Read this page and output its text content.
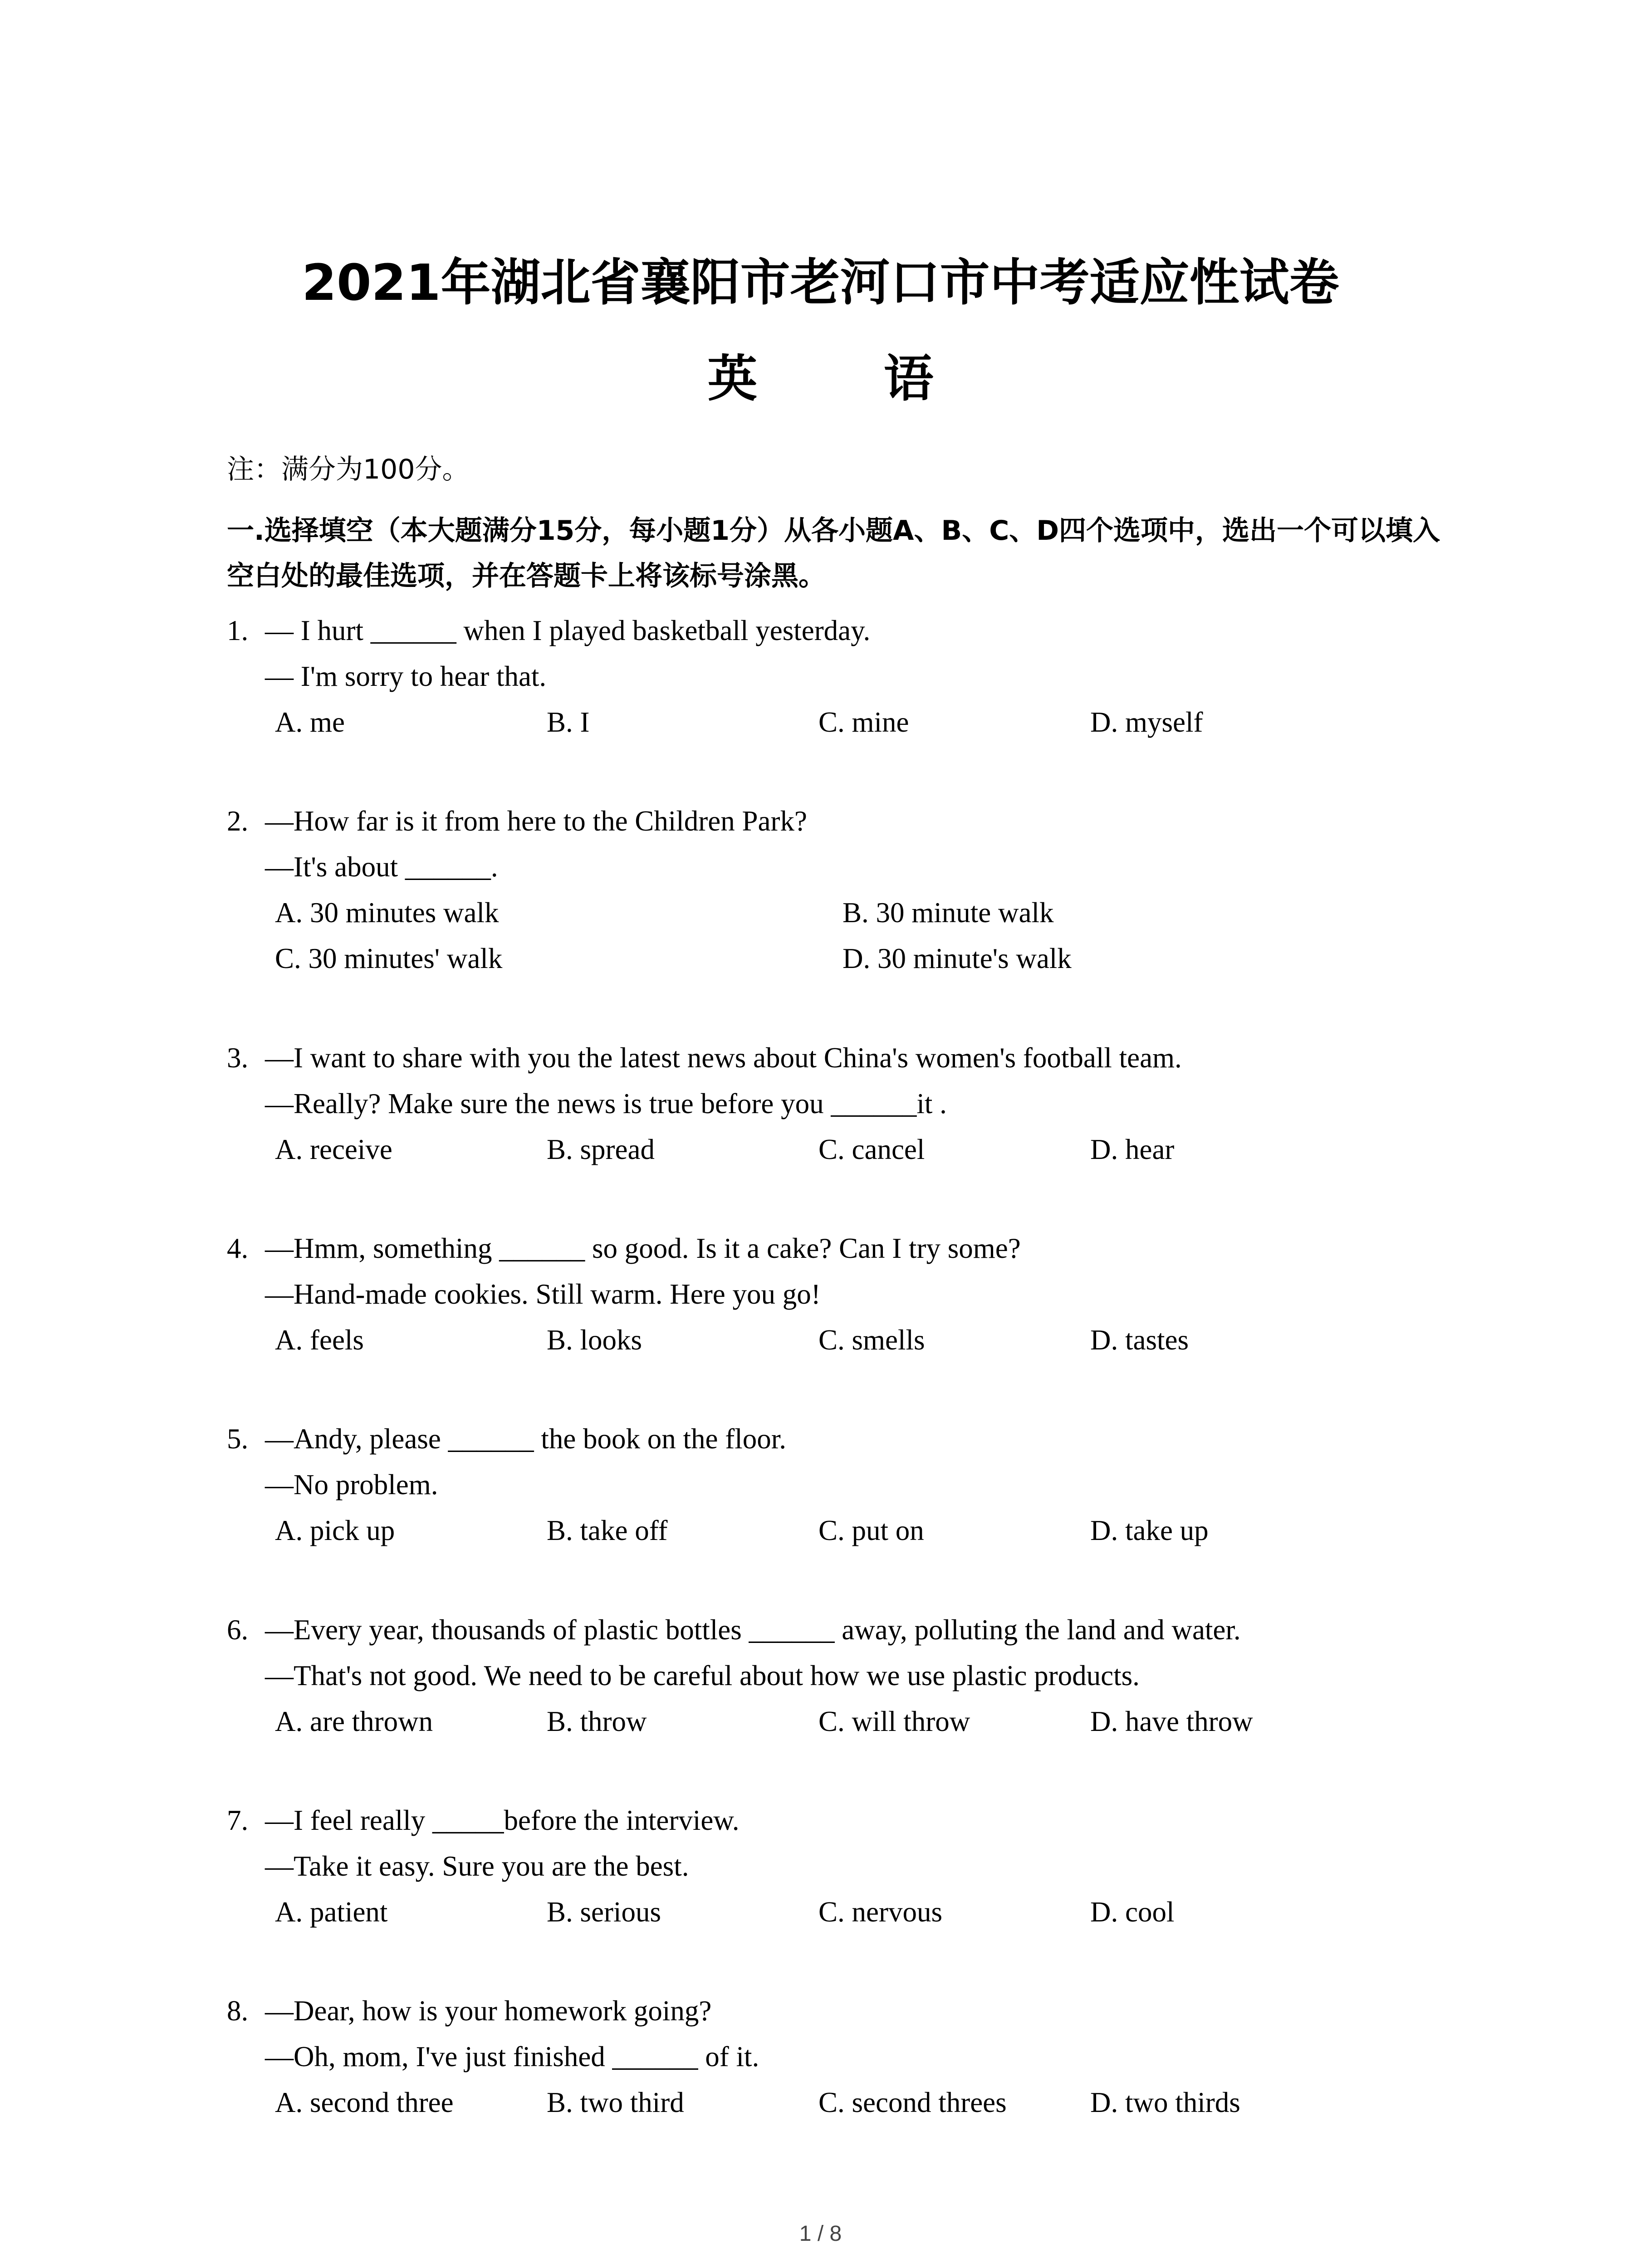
2021年湖北省襄阳市老河口市中考适应性试卷
英 语
注：满分为100分。
一.选择填空（本大题满分15分，每小题1分）从各小题A、B、C、D四个选项中，选出一个可以填入空白处的最佳选项，并在答题卡上将该标号涂黑。
1. — I hurt ______ when I played basketball yesterday.
— I'm sorry to hear that.
A. me	B. I	C. mine	D. myself
2. —How far is it from here to the Children Park?
—It's about ______.
A. 30 minutes walk	B. 30 minute walk
C. 30 minutes' walk	D. 30 minute's walk
3. —I want to share with you the latest news about China's women's football team.
—Really? Make sure the news is true before you ______it .
A. receive	B. spread	C. cancel	D. hear
4. —Hmm, something ______ so good. Is it a cake? Can I try some?
—Hand-made cookies. Still warm. Here you go!
A. feels	B. looks	C. smells	D. tastes
5. —Andy, please ______ the book on the floor.
—No problem.
A. pick up	B. take off	C. put on	D. take up
6. —Every year, thousands of plastic bottles ______ away, polluting the land and water.
—That's not good. We need to be careful about how we use plastic products.
A. are thrown	B. throw	C. will throw	D. have throw
7. —I feel really _____before the interview.
—Take it easy. Sure you are the best.
A. patient	B. serious	C. nervous	D. cool
8. —Dear, how is your homework going?
—Oh, mom, I've just finished ______ of it.
A. second three	B. two third	C. second threes	D. two thirds
1 / 8
